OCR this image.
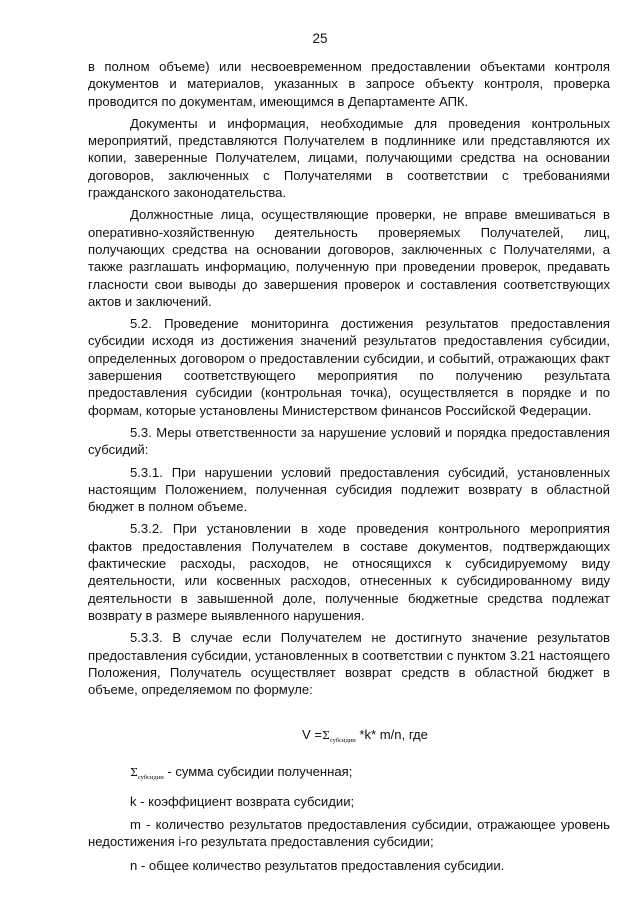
25

в полном объеме) или несвоевременном предоставлении объектами контроля документов и материалов, указанных в запросе объекту контроля, проверка проводится по документам, имеющимся в Департаменте АПК.

Документы и информация, необходимые для проведения контрольных мероприятий, представляются Получателем в подлиннике или представляются их копии, заверенные Получателем, лицами, получающими средства на основании договоров, заключенных с Получателями в соответствии с требованиями гражданского законодательства.

Должностные лица, осуществляющие проверки, не вправе вмешиваться в оперативно-хозяйственную деятельность проверяемых Получателей, лиц, получающих средства на основании договоров, заключенных с Получателями, а также разглашать информацию, полученную при проведении проверок, предавать гласности свои выводы до завершения проверок и составления соответствующих актов и заключений.

5.2. Проведение мониторинга достижения результатов предоставления субсидии исходя из достижения значений результатов предоставления субсидии, определенных договором о предоставлении субсидии, и событий, отражающих факт завершения соответствующего мероприятия по получению результата предоставления субсидии (контрольная точка), осуществляется в порядке и по формам, которые установлены Министерством финансов Российской Федерации.

5.3. Меры ответственности за нарушение условий и порядка предоставления субсидий:

5.3.1. При нарушении условий предоставления субсидий, установленных настоящим Положением, полученная субсидия подлежит возврату в областной бюджет в полном объеме.

5.3.2. При установлении в ходе проведения контрольного мероприятия фактов предоставления Получателем в составе документов, подтверждающих фактические расходы, расходов, не относящихся к субсидируемому виду деятельности, или косвенных расходов, отнесенных к субсидированному виду деятельности в завышенной доле, полученные бюджетные средства подлежат возврату в размере выявленного нарушения.

5.3.3. В случае если Получателем не достигнуто значение результатов предоставления субсидии, установленных в соответствии с пунктом 3.21 настоящего Положения, Получатель осуществляет возврат средств в областной бюджет в объеме, определяемом по формуле:

$V =\Sigma_{субсидии}$ *k* m/n, где

$\Sigma_{субсидии}$ - сумма субсидии полученная;

k - коэффициент возврата субсидии;

m - количество результатов предоставления субсидии, отражающее уровень недостижения i-го результата предоставления субсидии;

n - общее количество результатов предоставления субсидии.
